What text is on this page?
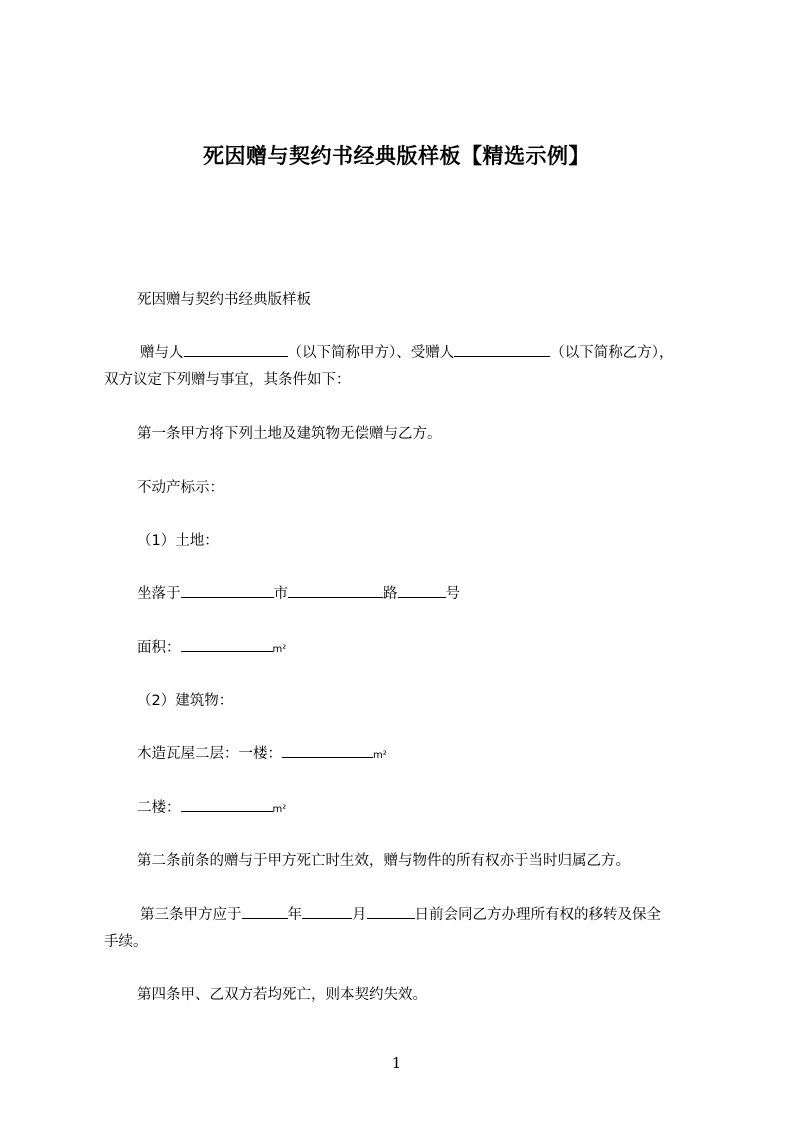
死因赠与契约书经典版样板【精选示例】
死因赠与契约书经典版样板
赠与人	（以下简称甲方）、受赠人	（以下简称乙方），
双方议定下列赠与事宜，其条件如下：
第一条甲方将下列土地及建筑物无偿赠与乙方。
不动产标示：
（1）土地：
坐落于	市	路	号
面积：	m²
（2）建筑物：
木造瓦屋二层：一楼：	m²
二楼：	m²
第二条前条的赠与于甲方死亡时生效，赠与物件的所有权亦于当时归属乙方。
第三条甲方应于	年	月	日前会同乙方办理所有权的移转及保全
手续。
第四条甲、乙双方若均死亡，则本契约失效。
1
